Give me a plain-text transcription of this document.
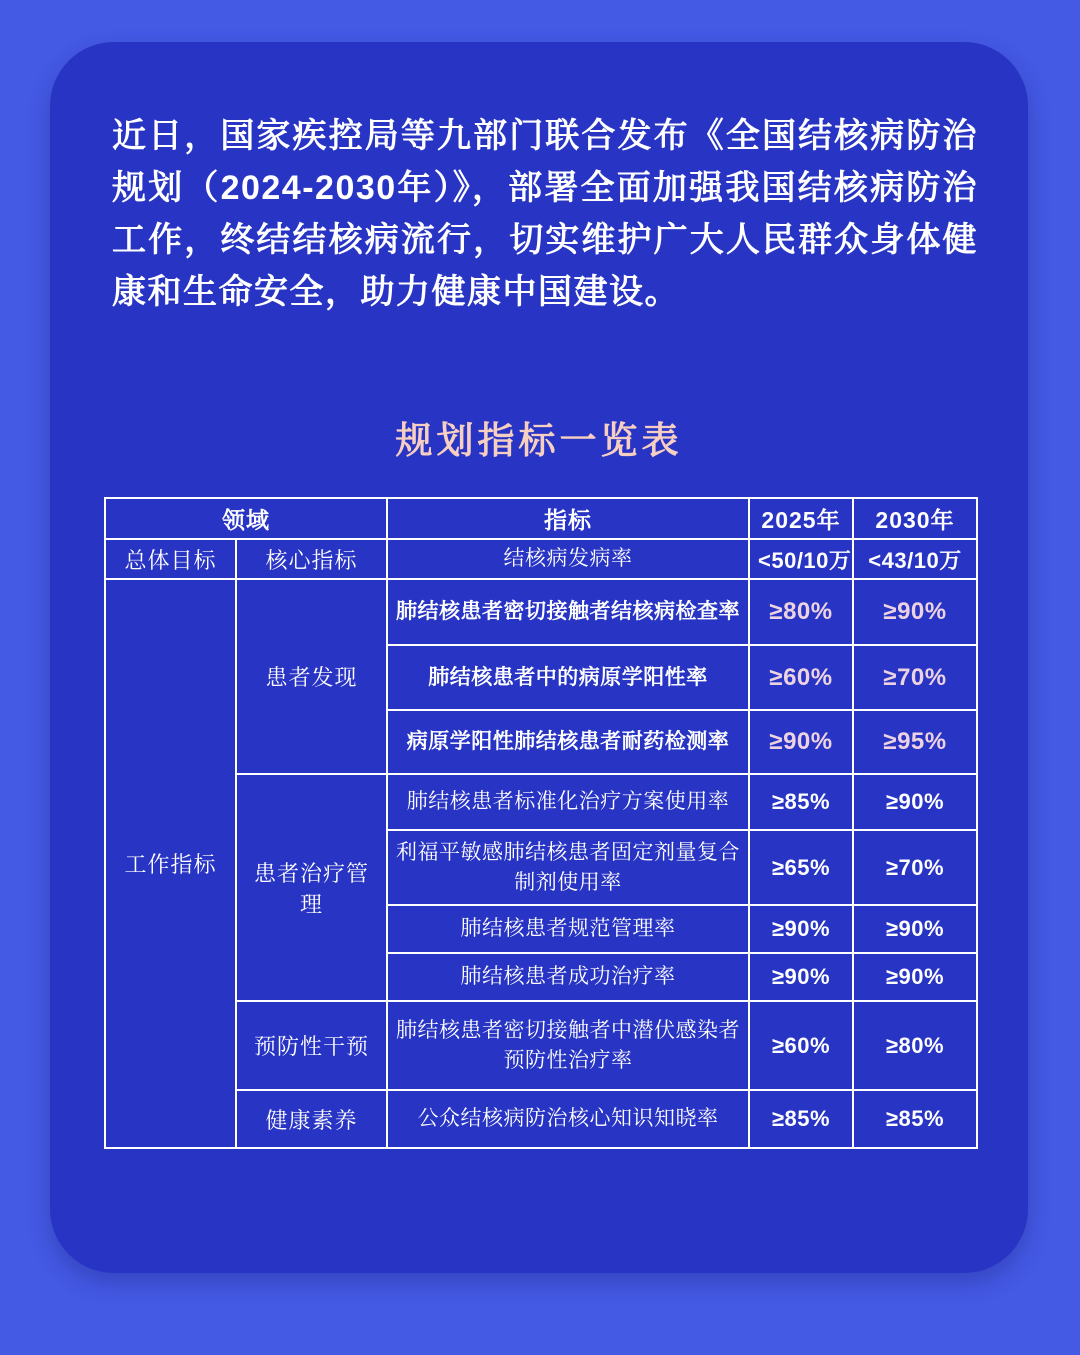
近日，国家疾控局等九部门联合发布《全国结核病防治规划（2024-2030年）》，部署全面加强我国结核病防治工作，终结结核病流行，切实维护广大人民群众身体健康和生命安全，助力健康中国建设。

规划指标一览表
领域		指标	2025年	2030年
总体目标	核心指标	结核病发病率	<50/10万	<43/10万
工作指标	患者发现	肺结核患者密切接触者结核病检查率	≥80%	≥90%
		肺结核患者中的病原学阳性率	≥60%	≥70%
		病原学阳性肺结核患者耐药检测率	≥90%	≥95%
	患者治疗管理	肺结核患者标准化治疗方案使用率	≥85%	≥90%
		利福平敏感肺结核患者固定剂量复合制剂使用率	≥65%	≥70%
		肺结核患者规范管理率	≥90%	≥90%
		肺结核患者成功治疗率	≥90%	≥90%
	预防性干预	肺结核患者密切接触者中潜伏感染者预防性治疗率	≥60%	≥80%
	健康素养	公众结核病防治核心知识知晓率	≥85%	≥85%
